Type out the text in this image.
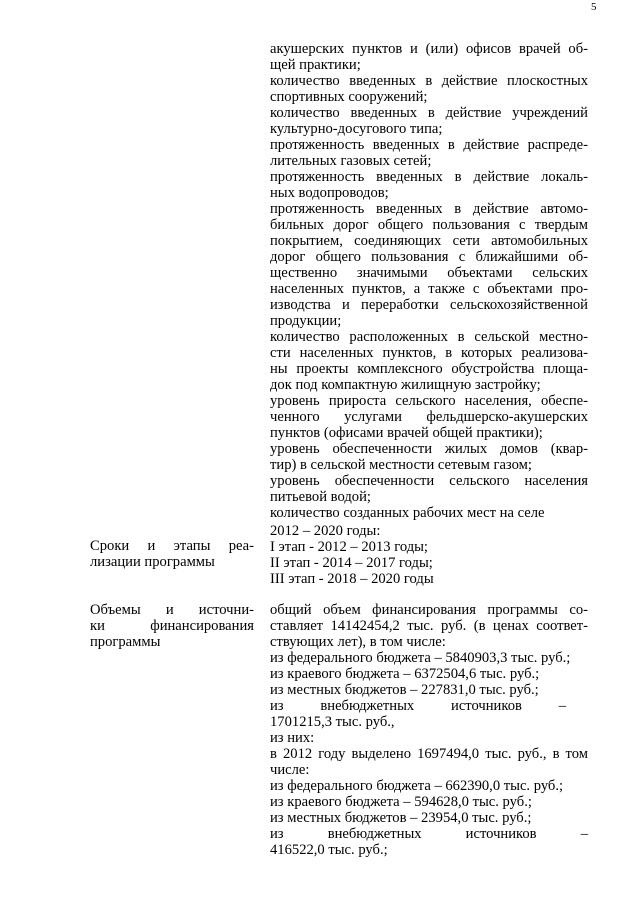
5
акушерских пунктов и (или) офисов врачей об-
щей практики;
количество введенных в действие плоскостных
спортивных сооружений;
количество введенных в действие учреждений
культурно-досугового типа;
протяженность введенных в действие распреде-
лительных газовых сетей;
протяженность введенных в действие локаль-
ных водопроводов;
протяженность введенных в действие автомо-
бильных дорог общего пользования с твердым
покрытием, соединяющих сети автомобильных
дорог общего пользования с ближайшими об-
щественно значимыми объектами сельских
населенных пунктов, а также с объектами про-
изводства и переработки сельскохозяйственной
продукции;
количество расположенных в сельской местно-
сти населенных пунктов, в которых реализова-
ны проекты комплексного обустройства площа-
док под компактную жилищную застройку;
уровень прироста сельского населения, обеспе-
ченного услугами фельдшерско-акушерских
пунктов (офисами врачей общей практики);
уровень обеспеченности жилых домов (квар-
тир) в сельской местности сетевым газом;
уровень обеспеченности сельского населения
питьевой водой;
количество созданных рабочих мест на селе
Сроки и этапы реа-
лизации программы
2012 – 2020 годы:
I этап - 2012 – 2013 годы;
II этап - 2014 – 2017 годы;
III этап - 2018 – 2020 годы
Объемы и источни-
ки финансирования
программы
общий объем финансирования программы со-
ставляет 14142454,2 тыс. руб. (в ценах соответ-
ствующих лет), в том числе:
из федерального бюджета – 5840903,3 тыс. руб.;
из краевого бюджета – 6372504,6 тыс. руб.;
из местных бюджетов – 227831,0 тыс. руб.;
из внебюджетных источников –
1701215,3 тыс. руб.,
из них:
в 2012 году выделено 1697494,0 тыс. руб., в том
числе:
из федерального бюджета – 662390,0 тыс. руб.;
из краевого бюджета – 594628,0 тыс. руб.;
из местных бюджетов – 23954,0 тыс. руб.;
из внебюджетных источников –
416522,0 тыс. руб.;
